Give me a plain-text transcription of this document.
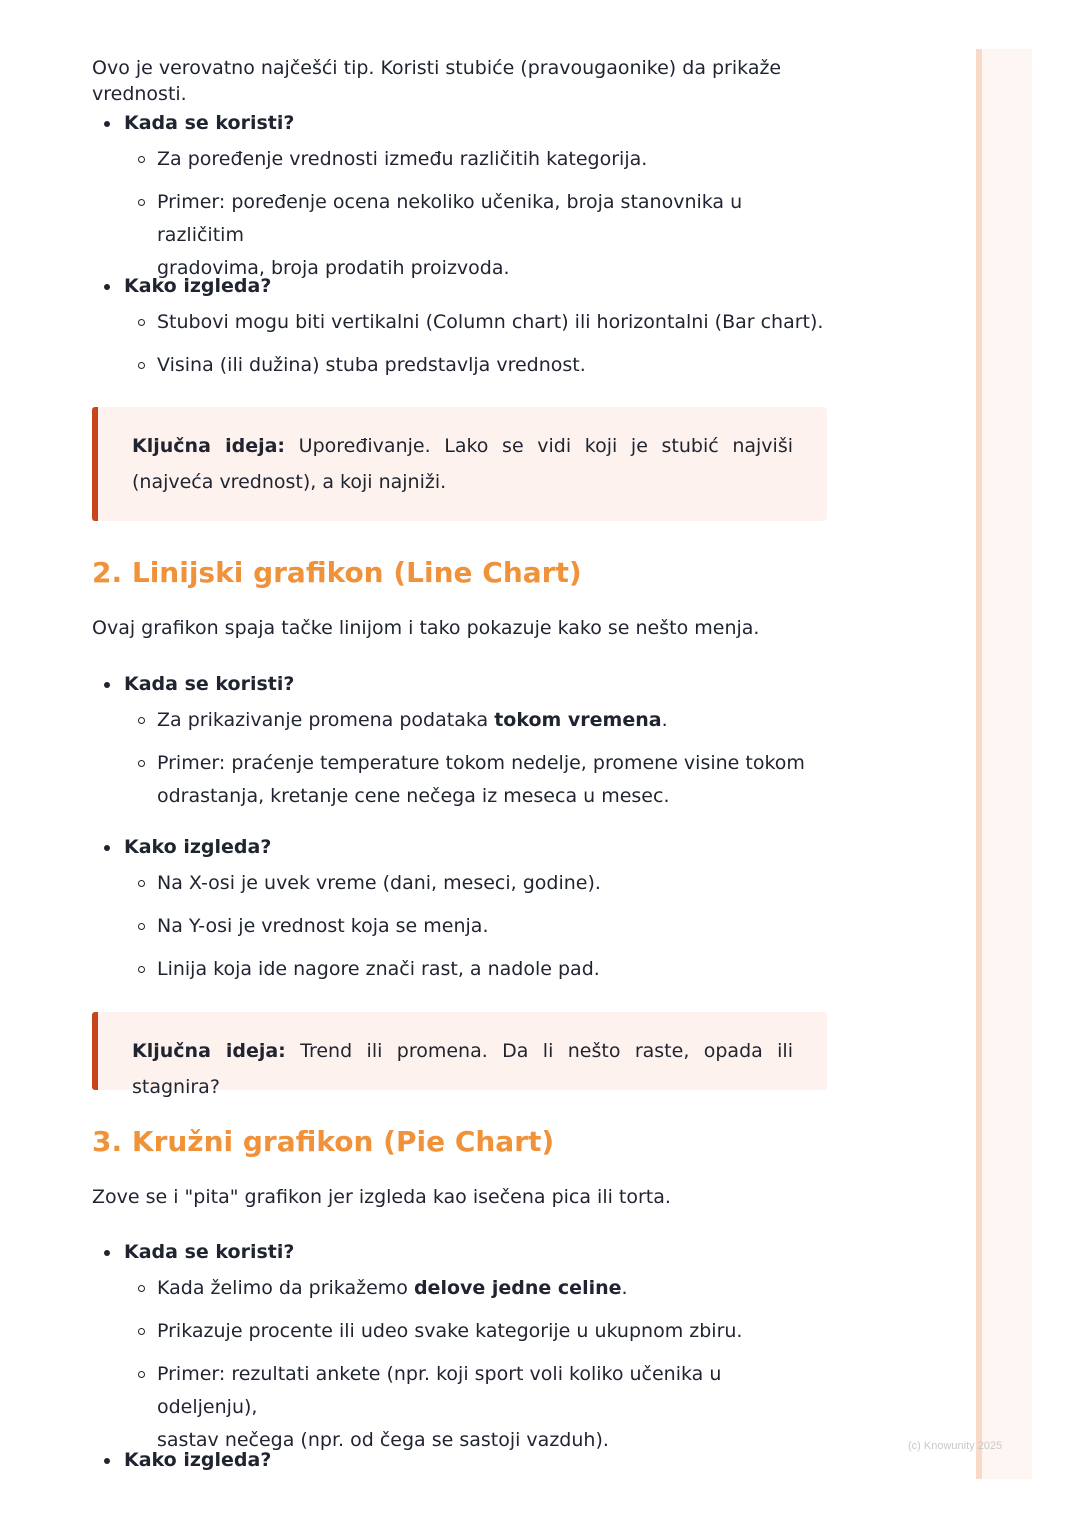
Ovo je verovatno najčešći tip. Koristi stubiće (pravougaonike) da prikaže vrednosti.

Kada se koristi?
Za poređenje vrednosti između različitih kategorija.
Primer: poređenje ocena nekoliko učenika, broja stanovnika u različitim
gradovima, broja prodatih proizvoda.
Kako izgleda?
Stubovi mogu biti vertikalni (Column chart) ili horizontalni (Bar chart).
Visina (ili dužina) stuba predstavlja vrednost.
Ključna ideja: Upoređivanje. Lako se vidi koji je stubić najviši (najveća vrednost), a koji najniži.
2. Linijski grafikon (Line Chart)

Ovaj grafikon spaja tačke linijom i tako pokazuje kako se nešto menja.

Kada se koristi?
Za prikazivanje promena podataka tokom vremena.
Primer: praćenje temperature tokom nedelje, promene visine tokom
odrastanja, kretanje cene nečega iz meseca u mesec.
Kako izgleda?
Na X-osi je uvek vreme (dani, meseci, godine).
Na Y-osi je vrednost koja se menja.
Linija koja ide nagore znači rast, a nadole pad.
Ključna ideja: Trend ili promena. Da li nešto raste, opada ili stagnira?
3. Kružni grafikon (Pie Chart)

Zove se i "pita" grafikon jer izgleda kao isečena pica ili torta.

Kada se koristi?
Kada želimo da prikažemo delove jedne celine.
Prikazuje procente ili udeo svake kategorije u ukupnom zbiru.
Primer: rezultati ankete (npr. koji sport voli koliko učenika u odeljenju),
sastav nečega (npr. od čega se sastoji vazduh).
Kako izgleda?
(c) Knowunity 2025
